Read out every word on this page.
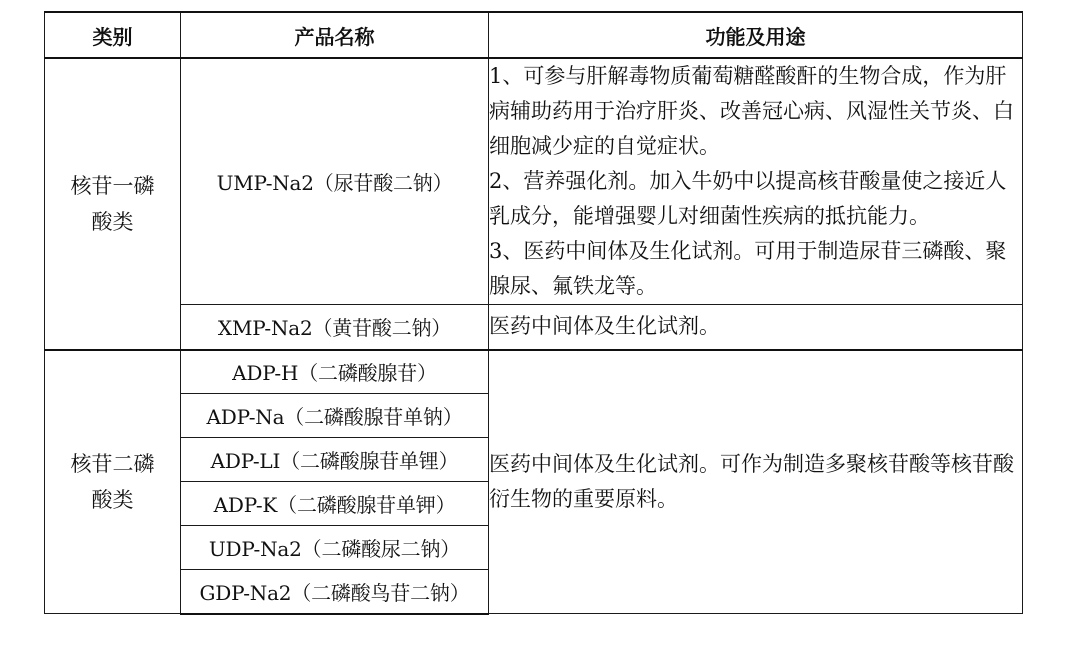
类别	产品名称	功能及用途

核苷一磷
酸类	UMP-Na2（尿苷酸二钠）	1、可参与肝解毒物质葡萄糖醛酸酐的生物合成，作为肝病辅助药用于治疗肝炎、改善冠心病、风湿性关节炎、白细胞减少症的自觉症状。
2、营养强化剂。加入牛奶中以提高核苷酸量使之接近人乳成分，能增强婴儿对细菌性疾病的抵抗能力。
3、医药中间体及生化试剂。可用于制造尿苷三磷酸、聚腺尿、氟铁龙等。

	XMP-Na2（黄苷酸二钠）	医药中间体及生化试剂。

核苷二磷
酸类	ADP-H（二磷酸腺苷）	医药中间体及生化试剂。可作为制造多聚核苷酸等核苷酸衍生物的重要原料。
	ADP-Na（二磷酸腺苷单钠）	
	ADP-LI（二磷酸腺苷单锂）	
	ADP-K（二磷酸腺苷单钾）	
	UDP-Na2（二磷酸尿二钠）	
	GDP-Na2（二磷酸鸟苷二钠）	
